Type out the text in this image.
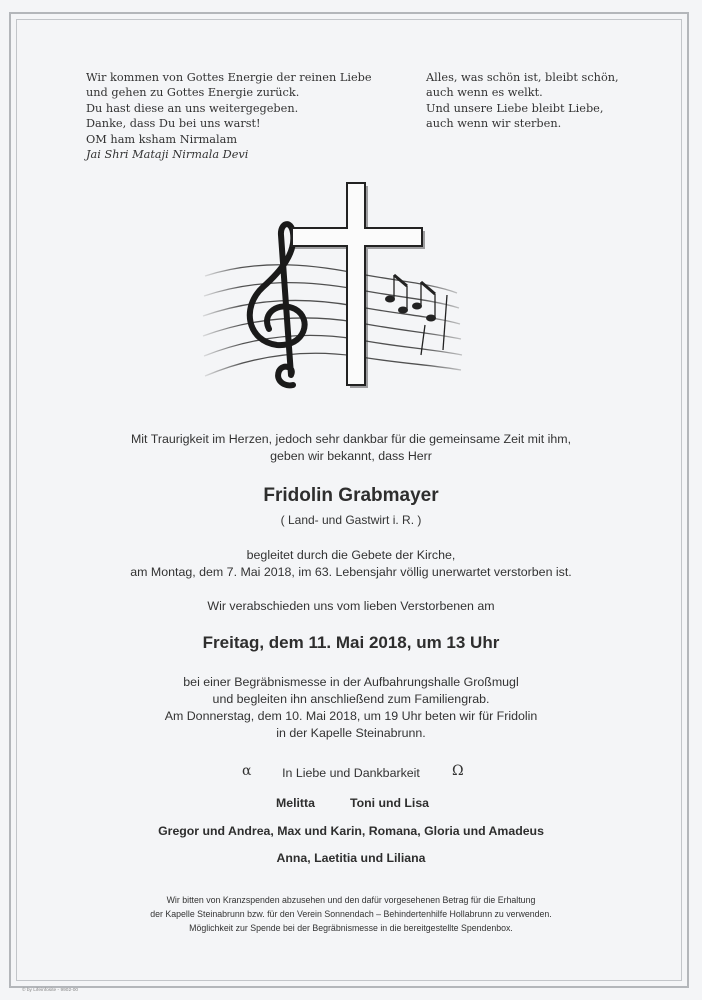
Wir kommen von Gottes Energie der reinen Liebe
und gehen zu Gottes Energie zurück.
Du hast diese an uns weitergegeben.
Danke, dass Du bei uns warst!
OM ham ksham Nirmalam
Jai Shri Mataji Nirmala Devi
Alles, was schön ist, bleibt schön,
auch wenn es welkt.
Und unsere Liebe bleibt Liebe,
auch wenn wir sterben.
Mit Traurigkeit im Herzen, jedoch sehr dankbar für die gemeinsame Zeit mit ihm,
geben wir bekannt, dass Herr
Fridolin Grabmayer
( Land- und Gastwirt i. R. )
begleitet durch die Gebete der Kirche,
am Montag, dem 7. Mai 2018, im 63. Lebensjahr völlig unerwartet verstorben ist.
Wir verabschieden uns vom lieben Verstorbenen am
Freitag, dem 11. Mai 2018, um 13 Uhr
bei einer Begräbnismesse in der Aufbahrungshalle Großmugl
und begleiten ihn anschließend zum Familiengrab.
Am Donnerstag, dem 10. Mai 2018, um 19 Uhr beten wir für Fridolin
in der Kapelle Steinabrunn.
α	In Liebe und Dankbarkeit	Ω
Melitta	Toni und Lisa
Gregor und Andrea, Max und Karin, Romana, Gloria und Amadeus
Anna, Laetitia und Liliana
Wir bitten von Kranzspenden abzusehen und den dafür vorgesehenen Betrag für die Erhaltung
der Kapelle Steinabrunn bzw. für den Verein Sonnendach – Behindertenhilfe Hollabrunn zu verwenden.
Möglichkeit zur Spende bei der Begräbnismesse in die bereitgestellte Spendenbox.
© by Lifeinfosite - 9902-00
